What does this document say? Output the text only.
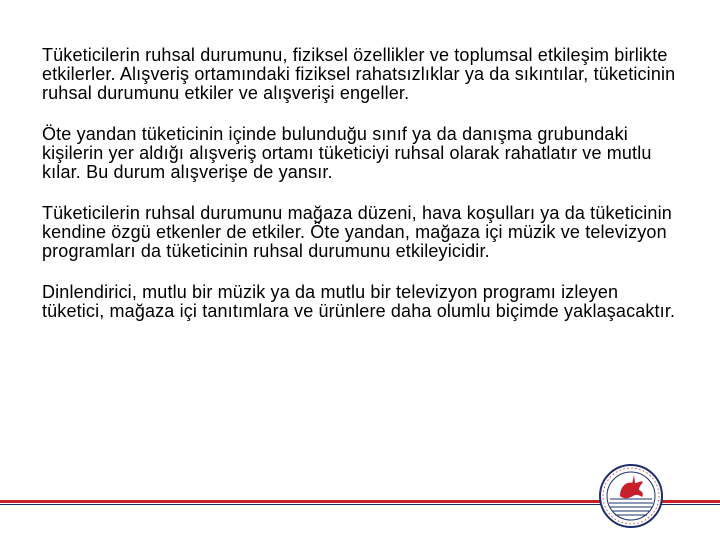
Tüketicilerin ruhsal durumunu, fiziksel özellikler ve toplumsal etkileşim birlikte etkilerler. Alışveriş ortamındaki fiziksel rahatsızlıklar ya da sıkıntılar, tüketicinin ruhsal durumunu etkiler ve alışverişi engeller.

Öte yandan tüketicinin içinde bulunduğu sınıf ya da danışma grubundaki kişilerin yer aldığı alışveriş ortamı tüketiciyi ruhsal olarak rahatlatır ve mutlu kılar. Bu durum alışverişe de yansır.

Tüketicilerin ruhsal durumunu mağaza düzeni, hava koşulları ya da tüketicinin kendine özgü etkenler de etkiler. Öte yandan, mağaza içi müzik ve televizyon programları da tüketicinin ruhsal durumunu etkileyicidir.

Dinlendirici, mutlu bir müzik ya da mutlu bir televizyon programı izleyen tüketici, mağaza içi tanıtımlara ve ürünlere daha olumlu biçimde yaklaşacaktır.
